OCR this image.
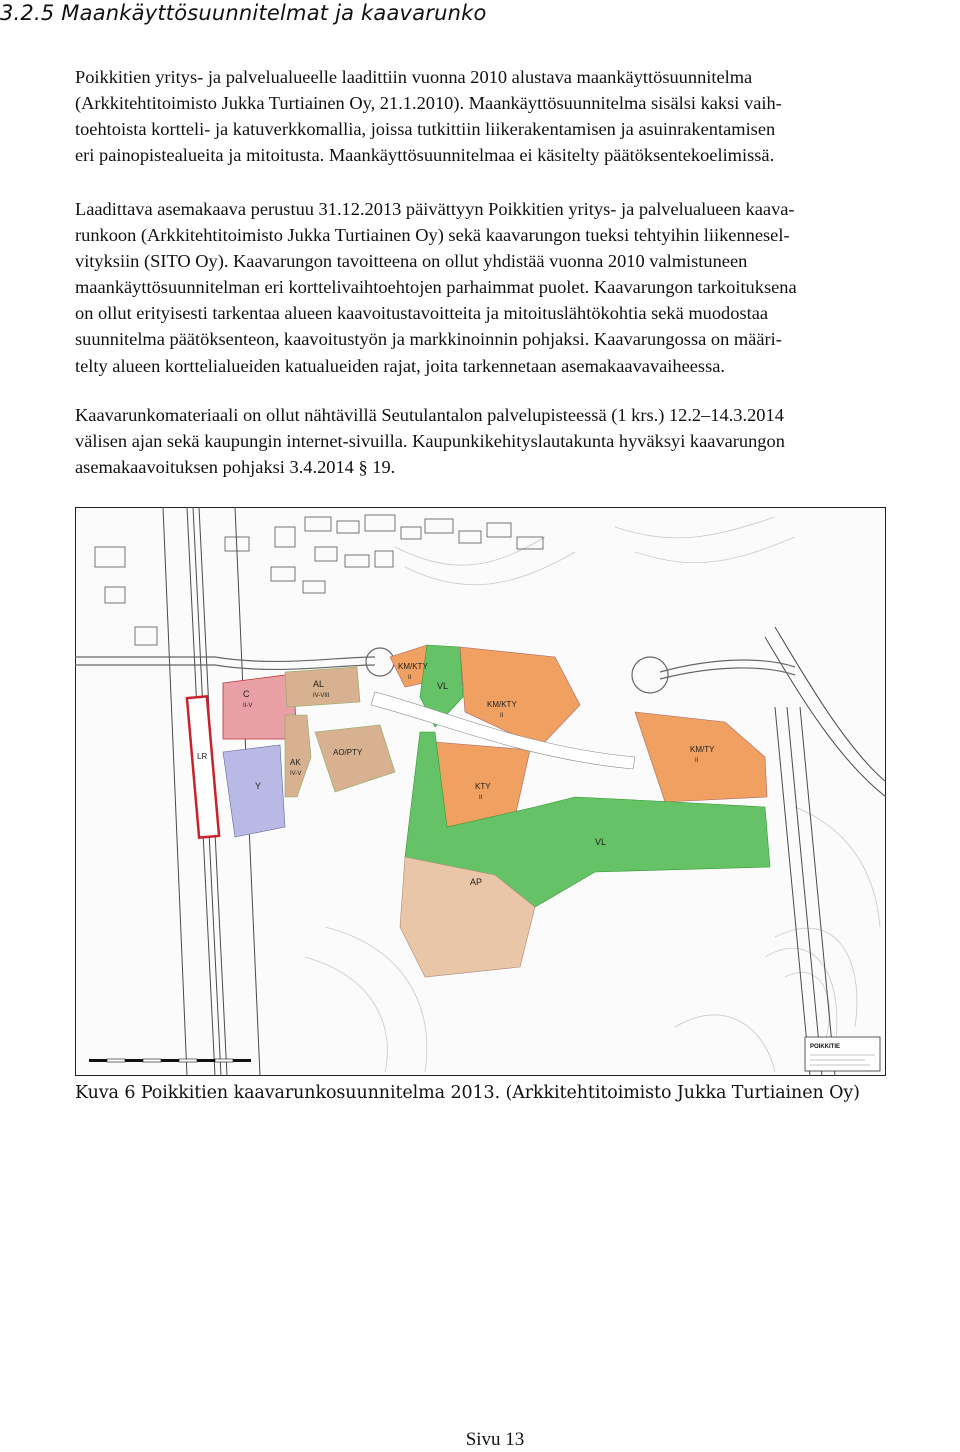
3.2.5 Maankäyttösuunnitelmat ja kaavarunko

Poikkitien yritys- ja palvelualueelle laadittiin vuonna 2010 alustava maankäyttösuunnitelma
(Arkkitehtitoimisto Jukka Turtiainen Oy, 21.1.2010). Maankäyttösuunnitelma sisälsi kaksi vaih-
toehtoista kortteli- ja katuverkkomallia, joissa tutkittiin liikerakentamisen ja asuinrakentamisen
eri painopistealueita ja mitoitusta. Maankäyttösuunnitelmaa ei käsitelty päätöksentekoelimissä.

Laadittava asemakaava perustuu 31.12.2013 päivättyyn Poikkitien yritys- ja palvelualueen kaava-
runkoon (Arkkitehtitoimisto Jukka Turtiainen Oy) sekä kaavarungon tueksi tehtyihin liikennesel-
vityksiin (SITO Oy). Kaavarungon tavoitteena on ollut yhdistää vuonna 2010 valmistuneen
maankäyttösuunnitelman eri korttelivaihtoehtojen parhaimmat puolet. Kaavarungon tarkoituksena
on ollut erityisesti tarkentaa alueen kaavoitustavoitteita ja mitoituslähtökohtia sekä muodostaa
suunnitelma päätöksenteon, kaavoitustyön ja markkinoinnin pohjaksi. Kaavarungossa on määri-
telty alueen korttelialueiden katualueiden rajat, joita tarkennetaan asemakaavavaiheessa.

Kaavarunkomateriaali on ollut nähtävillä Seutulantalon palvelupisteessä (1 krs.) 12.2–14.3.2014
välisen ajan sekä kaupungin internet-sivuilla. Kaupunkikehityslautakunta hyväksyi kaavarungon
asemakaavoituksen pohjaksi 3.4.2014 § 19.

C
II-V
AL
IV-VIII
KM/KTY
II
VL
KM/KTY
II
KM/TY
II
LR
AK
IV-V
AO/PTY
Y	KTY
II
VL
AP
POIKKITIE

Kuva 6 Poikkitien kaavarunkosuunnitelma 2013. (Arkkitehtitoimisto Jukka Turtiainen Oy)

Sivu 13
